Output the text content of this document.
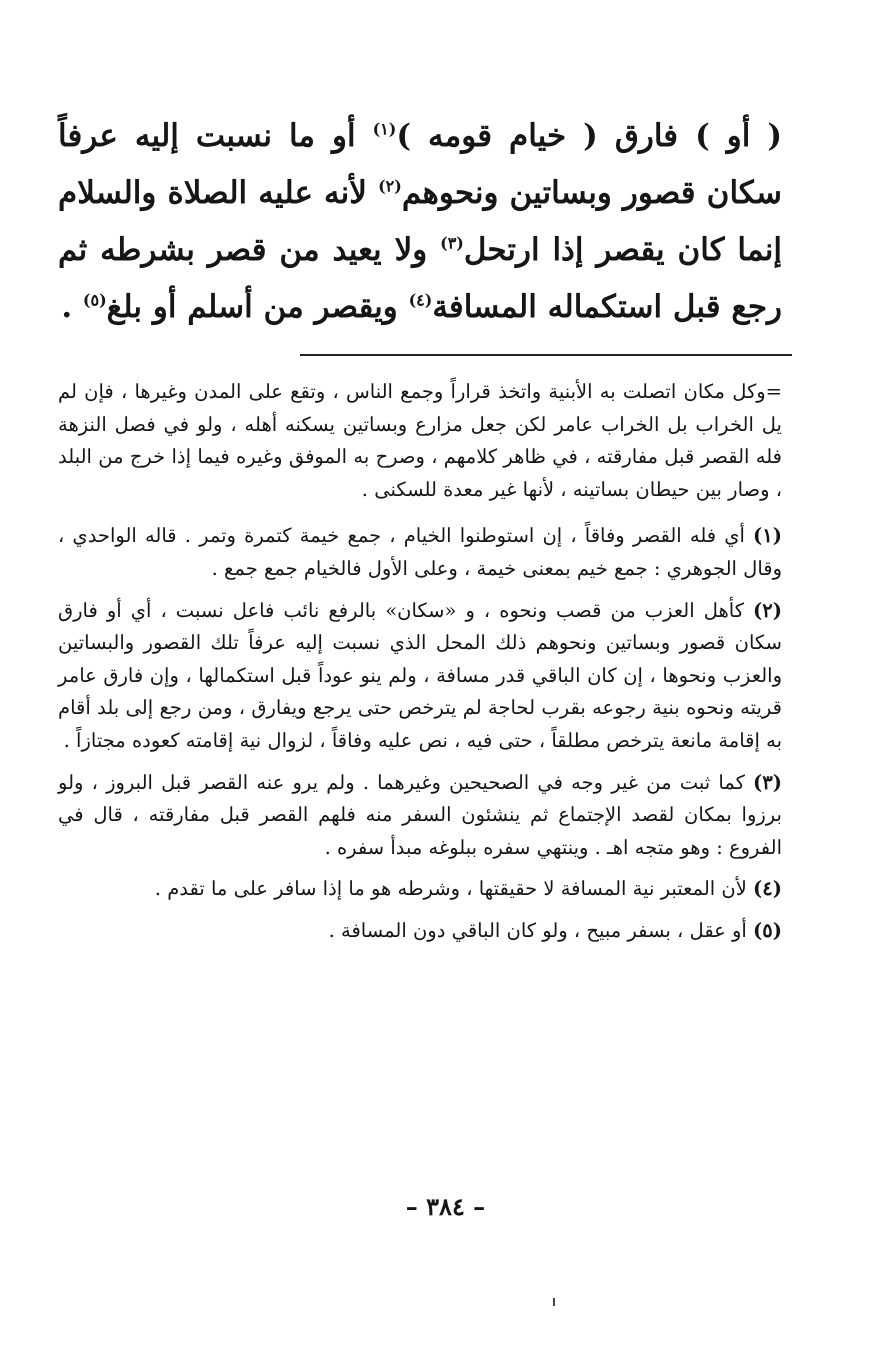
( أو ) فارق ( خيام قومه )$^{(١)}$ أو ما نسبت إليه عرفاً سكان قصور وبساتين ونحوهم$^{(٢)}$ لأنه عليه الصلاة والسلام إنما كان يقصر إذا ارتحل$^{(٣)}$ ولا يعيد من قصر بشرطه ثم رجع قبل استكماله المسافة$^{(٤)}$ ويقصر من أسلم أو بلغ$^{(٥)}$ .

=وكل مكان اتصلت به الأبنية واتخذ قراراً وجمع الناس ، وتقع على المدن وغيرها ، فإن لم يل الخراب بل الخراب عامر لكن جعل مزارع وبساتين يسكنه أهله ، ولو في فصل النزهة فله القصر قبل مفارقته ، في ظاهر كلامهم ، وصرح به الموفق وغيره فيما إذا خرج من البلد ، وصار بين حيطان بساتينه ، لأنها غير معدة للسكنى .

(١) أي فله القصر وفاقاً ، إن استوطنوا الخيام ، جمع خيمة كتمرة وتمر . قاله الواحدي ، وقال الجوهري : جمع خيم بمعنى خيمة ، وعلى الأول فالخيام جمع جمع .

(٢) كأهل العزب من قصب ونحوه ، و «سكان» بالرفع نائب فاعل نسبت ، أي أو فارق سكان قصور وبساتين ونحوهم ذلك المحل الذي نسبت إليه عرفاً تلك القصور والبساتين والعزب ونحوها ، إن كان الباقي قدر مسافة ، ولم ينو عوداً قبل استكمالها ، وإن فارق عامر قريته ونحوه بنية رجوعه بقرب لحاجة لم يترخص حتى يرجع ويفارق ، ومن رجع إلى بلد أقام به إقامة مانعة يترخص مطلقاً ، حتى فيه ، نص عليه وفاقاً ، لزوال نية إقامته كعوده مجتازاً .

(٣) كما ثبت من غير وجه في الصحيحين وغيرهما . ولم يرو عنه القصر قبل البروز ، ولو برزوا بمكان لقصد الإجتماع ثم ينشئون السفر منه فلهم القصر قبل مفارقته ، قال في الفروع : وهو متجه اهـ . وينتهي سفره ببلوغه مبدأ سفره .

(٤) لأن المعتبر نية المسافة لا حقيقتها ، وشرطه هو ما إذا سافر على ما تقدم .

(٥) أو عقل ، بسفر مبيح ، ولو كان الباقي دون المسافة .

– ٣٨٤ –
